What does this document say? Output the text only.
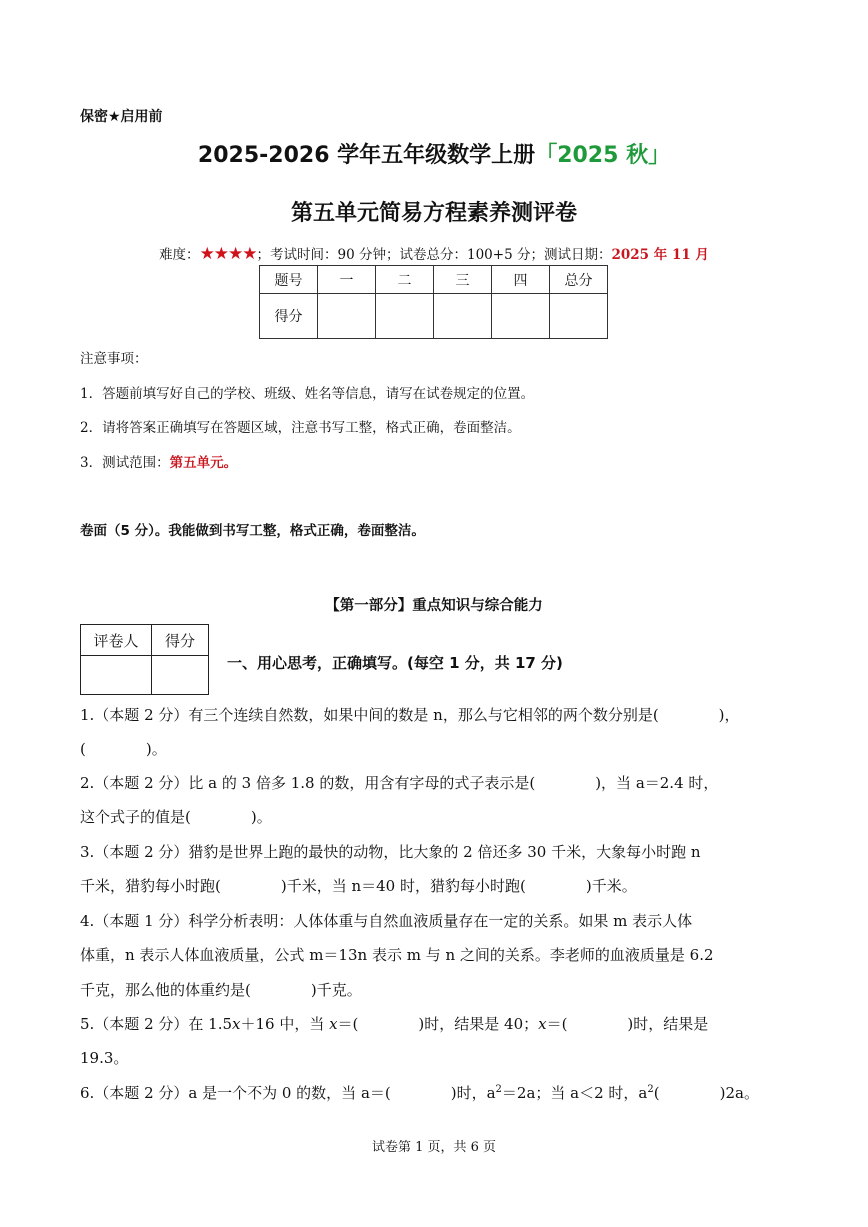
保密★启用前
2025-2026 学年五年级数学上册「2025 秋」
第五单元简易方程素养测评卷
难度：★★★★；考试时间：90 分钟；试卷总分：100+5 分；测试日期：2025 年 11 月
题号	一	二	三	四	总分
得分					
注意事项：
1．答题前填写好自己的学校、班级、姓名等信息，请写在试卷规定的位置。
2．请将答案正确填写在答题区域，注意书写工整，格式正确，卷面整洁。
3．测试范围：第五单元。
卷面（5 分）。我能做到书写工整，格式正确，卷面整洁。
【第一部分】重点知识与综合能力
评卷人	得分

一、用心思考，正确填写。(每空 1 分，共 17 分)
1.（本题 2 分）有三个连续自然数，如果中间的数是 n，那么与它相邻的两个数分别是(　　　　)，
(　　　　)。
2.（本题 2 分）比 a 的 3 倍多 1.8 的数，用含有字母的式子表示是(　　　　)，当 a＝2.4 时，
这个式子的值是(　　　　)。
3.（本题 2 分）猎豹是世界上跑的最快的动物，比大象的 2 倍还多 30 千米，大象每小时跑 n
千米，猎豹每小时跑(　　　　)千米，当 n＝40 时，猎豹每小时跑(　　　　)千米。
4.（本题 1 分）科学分析表明：人体体重与自然血液质量存在一定的关系。如果 m 表示人体
体重，n 表示人体血液质量，公式 m＝13n 表示 m 与 n 之间的关系。李老师的血液质量是 6.2
千克，那么他的体重约是(　　　　)千克。
5.（本题 2 分）在 1.5𝑥＋16 中，当 𝑥＝(　　　　)时，结果是 40；𝑥＝(　　　　)时，结果是
19.3。
6.（本题 2 分）a 是一个不为 0 的数，当 a＝(　　　　)时，$a^2=2a$；当 a＜2 时，$a^2$(　　　　)2a。
试卷第 1 页，共 6 页
